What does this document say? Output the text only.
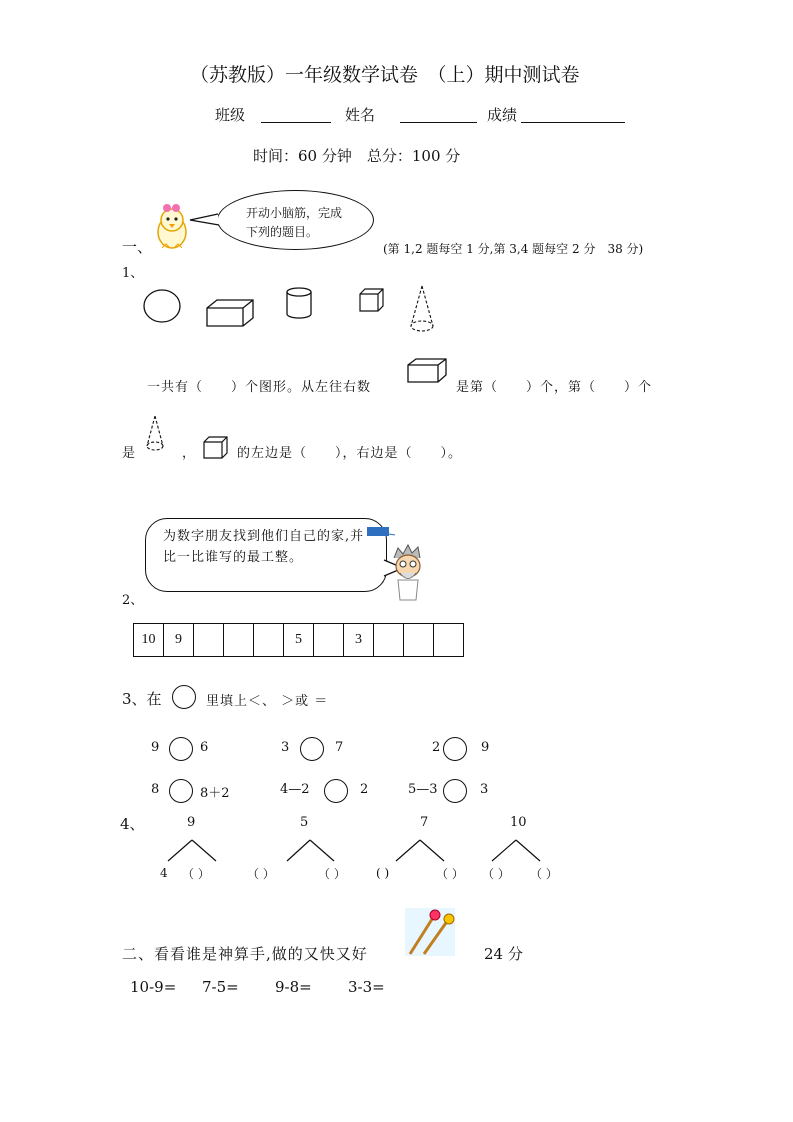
（苏教版）一年级数学试卷　（上）期中测试卷
班级	姓名	成绩
时间：60 分钟　总分：100 分
一、
开动小脑筋，完成下列的题目。
(第 1,2 题每空 1 分,第 3,4 题每空 2 分　38 分)
1、
一共有（　　）个图形。从左往右数	是第（　　）个，第（　　）个
是	，	的左边是（　　），右边是（　　）。
为数字朋友找到他们自己的家,并比一比谁写的最工整。
2、
10	9				5		3			
3、在	里填上＜、 ＞或 ＝
9	6	3	7	2	9
8	8＋2	4—2	2	5—3	3
4、	9	5	7	10
4 （ ）	（ ）	（ ）	( )	（ ） （ ） （ ）
二、看看谁是神算手,做的又快又好	24 分
10-9= 7-5= 9-8= 3-3=
